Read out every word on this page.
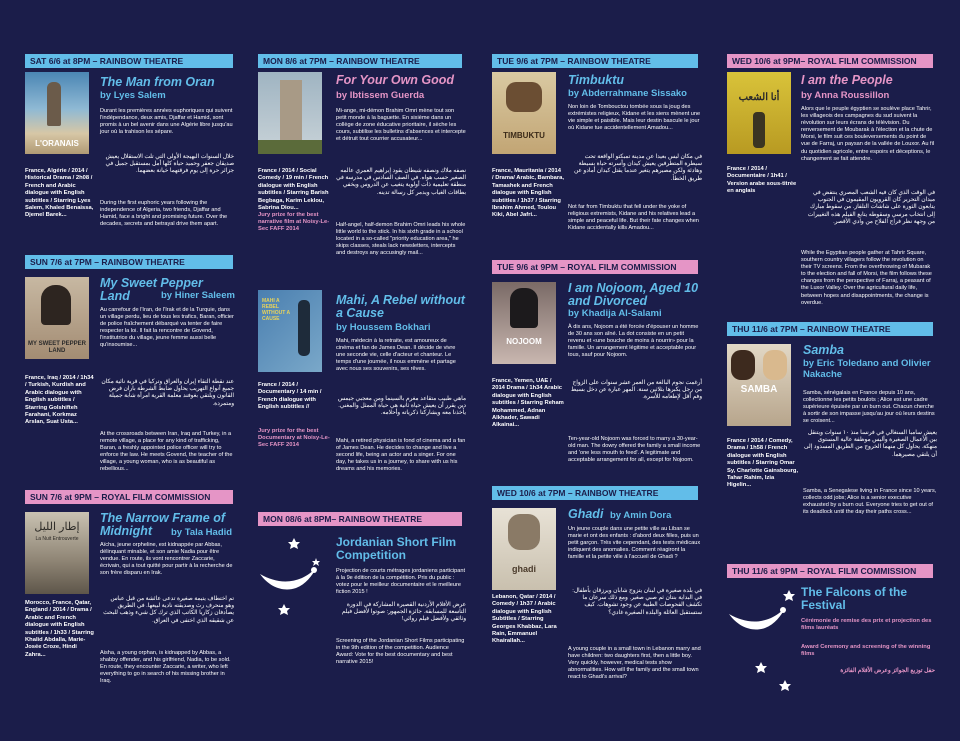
SAT 6/6 at 8PM – RAINBOW THEATRE
L'ORANAIS
The Man from Oran
by Lyes Salem
Durant les premières années euphoriques qui suivent l'indépendance, deux amis, Djaffar et Hamid, sont promis à un bel avenir dans une Algérie libre jusqu'au jour où la trahison les sépare.
خلال السنوات البهيجة الأولى التي تلت الاستقلال يعيش صديقان جعفر وحميد حياة كلها أمل بمستقبل جميل في جزائر حرة إلى يوم فرقتهما خيانة بعضهما.
France, Algérie / 2014 / Historical Drama / 2h08 / French and Arabic dialogue with English subtitles / Starring Lyes Salem, Khaled Benaissa, Djemel Barek...
During the first euphoric years following the independence of Algeria, two friends, Djaffar and Hamid, face a bright and promising future. Over the decades, secrets and betrayal drive them apart.
SUN 7/6 at 7PM – RAINBOW THEATRE
MY SWEET PEPPER LAND
My Sweet Pepper Land	by Hiner Saleem
Au carrefour de l'Iran, de l'Irak et de la Turquie, dans un village perdu, lieu de tous les trafics, Baran, officier de police fraîchement débarqué va tenter de faire respecter la loi. Il fait la rencontre de Govend, l'institutrice du village, jeune femme aussi belle qu'insoumise...
France, Iraq / 2014 / 1h34 / Turkish, Kurdish and Arabic dialogue with English subtitles / Starring Golshifteh Farahani, Korkmaz Arslan, Suat Usta...
عند نقطة التقاء إيران والعراق وتركيا في قرية نائية مكان جميع أنواع التهريب يحاول ضابط الشرطة باران فرض القانون ويلتقي بغوفند معلمة القرية امرأة شابة جميلة ومتمردة.
At the crossroads between Iran, Iraq and Turkey, in a remote village, a place for any kind of trafficking, Baran, a freshly appointed police officer will try to enforce the law. He meets Govend, the teacher of the village, a young woman, who is as beautiful as rebellious...
SUN 7/6 at 9PM – ROYAL FILM COMMISSION
إطار الليل
La Nuit Entrouverte
The Narrow Frame of Midnight	by Tala Hadid
Aïcha, jeune orpheline, est kidnappée par Abbas, délinquant minable, et son amie Nadia pour être vendue. En route, ils vont rencontrer Zaccarie, écrivain, qui a tout quitté pour partir à la recherche de son frère disparu en Irak.
تم اختطاف يتيمة صغيرة تدعى عائشة من قبل عباس وهو منحرف رث وصديقته نادية لبيعها. في الطريق يصادفان زكاريا الكاتب الذي ترك كل شيء وذهب للبحث عن شقيقه الذي اختفى في العراق.
Morocco, France, Qatar, England / 2014 / Drama / Arabic and French dialogue with English subtitles / 1h33 / Starring Khalid Abdalla, Marie-Josée Croze, Hindi Zahra...	Aisha, a young orphan, is kidnapped by Abbas, a shabby offender, and his girlfriend, Nadia, to be sold. En route, they encounter Zaccarie, a writer, who left everything to go in search of his missing brother in Iraq.
MON 8/6 at 7PM – RAINBOW THEATRE
For Your Own Good
by Ibtissem Guerda
Mi-ange, mi-démon Brahim Omri mène tout son petit monde à la baguette. En sixième dans un collège de zone éducative prioritaire, il sèche les cours, subtilise les bulletins d'absences et intercepte et détruit tout courrier accusateur...
France / 2014 / Social Comedy / 19 min / French dialogue with English subtitles / Starring Barish Begbaga, Karim Leklou, Sabrina Diou...
Jury prize for the best narrative film at Noisy-Le-Sec FAFF 2014
نصفه ملاك ونصفه شيطان يقود إبراهيم العمري عالمه الصغير حسب هواه. في الصف السادس في مدرسة في منطقة تعليمية ذات أولوية يتغيب عن الدروس ويخفي بطاقات الغياب ويدمر كل رسالة تدينه.
Half-angel, half-demon Brahim Omri leads his whole little world to the stick. In his sixth grade in a school located in a so-called "priority education area," he skips classes, steals lack newsletters, intercepts and destroys any accusingly mail...
MAHI A REBEL WITHOUT A CAUSE
Mahi, A Rebel without a Cause
by Houssem Bokhari
Mahi, médecin à la retraite, est amoureux de cinéma et fan de James Dean. Il décide de vivre une seconde vie, celle d'acteur et chanteur. Le temps d'une journée, il nous emmène et partage avec nous ses souvenirs, ses rêves.
France / 2014 / Documentary / 14 min / French dialogue with English subtitles //
Jury prize for the best Documentary at Noisy-Le-Sec FAFF 2014
ماهي طبيب متقاعد مغرم بالسينما ومن معجبي جيمس دين يقرر أن يعيش حياة ثانية هي حياة الممثل والمغني. يأخذنا معه ويشاركنا ذكرياته وأحلامه.
Mahi, a retired physician is fond of cinema and a fan of James Dean. He decides to change and live a second life, being an actor and a singer. For one day, he takes us in a journey, to share with us his dreams and his memories.
MON 08/6 at 8PM– RAINBOW THEATRE
Jordanian Short Film Competition
Projection de courts métrages jordaniens participant à la 9e édition de la compétition. Prix du public : votez pour le meilleur documentaire et le meilleure fiction 2015 !
عرض الأفلام الأردنية القصيرة المشاركة في الدورة التاسعة للمسابقة. جائزة الجمهور: صوتوا لأفضل فيلم وثائقي ولأفضل فيلم روائي!
Screening of the Jordanian Short Films participating in the 9th edition of the competition. Audience Award: Vote for the best documentary and best narrative 2015!
TUE 9/6 at 7PM – RAINBOW THEATRE
TIMBUKTU
Timbuktu
by Abderrahmane Sissako
Non loin de Tombouctou tombée sous la joug des extrémistes religieux, Kidane et les siens mènent une vie simple et paisible. Mais leur destin bascule le jour où Kidane tue accidentellement Amadou...
في مكان ليس بعيدا عن مدينة تمبكتو الواقعة تحت سيطرة المتطرفين يعيش كيدان وأسرته حياة بسيطة وهادئة ولكن مصيرهم يتغير عندما يقتل كيدان أمادو عن طريق الخطأ.
France, Mauritania / 2014 / Drama/ Arabic, Bambara, Tamashek and French dialogue with English subtitles / 1h37 / Starring Ibrahim Ahmed, Toulou Kiki, Abel Jafri...
Not far from Timbuktu that fell under the yoke of religious extremists, Kidane and his relatives lead a simple and peaceful life. But their fate changes when Kidane accidentally kills Amadou...
TUE 9/6 at 9PM – ROYAL FILM COMMISSION
NOJOOM
I am Nojoom, Aged 10 and Divorced
by Khadija Al-Salami
À dix ans, Nojoom a été forcée d'épouser un homme de 30 ans son aîné. La dot consiste en un petit revenu et «une bouche de moins à nourrir» pour la famille. Un arrangement légitime et acceptable pour tous, sauf pour Nojoom.
France, Yemen, UAE / 2014 Drama / 1h34 Arabic dialogue with English subtitles / Starring Reham Mohammed, Adnan Alkhader, Sawadi Alkainai...
أرغمت نجوم البالغة من العمر عشر سنوات على الزواج من رجل يكبرها بثلاثين سنة. المهر عبارة عن دخل بسيط وفم أقل لإطعامه للأسرة.
Ten-year-old Nojoom was forced to marry a 30-year-old man. The dowry offered the family a small income and 'one less mouth to feed'. A legitimate and acceptable arrangement for all, except for Nojoom.
WED 10/6 at 7PM – RAINBOW THEATRE
ghadi
Ghadi by Amin Dora
Un jeune couple dans une petite ville au Liban se marie et ont des enfants : d'abord deux filles, puis un petit garçon. Très vite cependant, des tests médicaux indiquent des anomalies. Comment réagiront la famille et la petite ville à l'accueil de Ghadi ?
في بلدة صغيرة في لبنان يتزوج شابان ويرزقان بأطفال: في البداية بنتان ثم صبي صغير. ومع ذلك سرعان ما تكشف الفحوصات الطبية عن وجود تشوهات. كيف ستستقبل العائلة والبلدة الصغيرة غادي؟
Lebanon, Qatar / 2014 / Comedy / 1h37 / Arabic dialogue with English Subtitles / Starring Georges Khabbaz, Lara Rain, Emmanuel Khairallah...
A young couple in a small town in Lebanon marry and have children: two daughters first, then a little boy. Very quickly, however, medical tests show abnormalities. How will the family and the small town react to Ghadi's arrival?
WED 10/6 at 9PM– ROYAL FILM COMMISSION
أنا الشعب
I am the People
by Anna Roussillon
Alors que le peuple égyptien se soulève place Tahrir, les villageois des campagnes du sud suivent la révolution sur leurs écrans de télévision. Du renversement de Moubarak à l'élection et la chute de Morsi, le film suit ces bouleversements du point de vue de Farraj, un paysan de la vallée de Louxor. Au fil du quotidien agricole, entre espoirs et déceptions, le changement se fait attendre.
France / 2014 / Documentaire / 1h41 / Version arabe sous-titrée en anglais	في الوقت الذي كان فيه الشعب المصري ينتفض في ميدان التحرير كان القرويون المقيمون في الجنوب يتابعون الثورة على شاشات التلفاز. من سقوط مبارك إلى انتخاب مرسي وسقوطه يتابع الفيلم هذه التغييرات من وجهة نظر فراج الفلاح من وادي الأقصر.
While the Egyptian people gather at Tahrir Square, southern country villagers follow the revolution on their TV screens. From the overthrowing of Mubarak to the election and fall of Morsi, the film follows these changes from the perspective of Farraj, a peasant of the Luxor Valley. Over the agricultural daily life, between hopes and disappointments, the change is overdue.
THU 11/6 at 7PM – RAINBOW THEATRE
SAMBA
Samba
by Eric Toledano and Olivier Nakache
Samba, sénégalais en France depuis 10 ans, collectionne les petits boulots ; Alice est une cadre supérieure épuisée par un burn out. Chacun cherche à sortir de son impasse jusqu'au jour où leurs destins se croisent...
France / 2014 / Comedy, Drama / 1h58 / French dialogue with English subtitles / Starring Omar Sy, Charlotte Gainsbourg, Tahar Rahim, Izia Higelin...
يعيش سامبا السنغالي في فرنسا منذ ١٠ سنوات ويتنقل بين الأعمال الصغيرة وأليس موظفة عالية المستوى منهكة. يحاول كل منهما الخروج من الطريق المسدود إلى أن يلتقي مصيرهما.
Samba, a Senegalese living in France since 10 years, collects odd jobs; Alice is a senior executive exhausted by a burn out. Everyone tries to get out of its deadlock until the day their paths cross...
THU 11/6 at 9PM – ROYAL FILM COMMISSION
The Falcons of the Festival
Cérémonie de remise des prix et projection des films lauréats
Award Ceremony and screening of the winning films
حفل توزيع الجوائز وعرض الأفلام الفائزة
